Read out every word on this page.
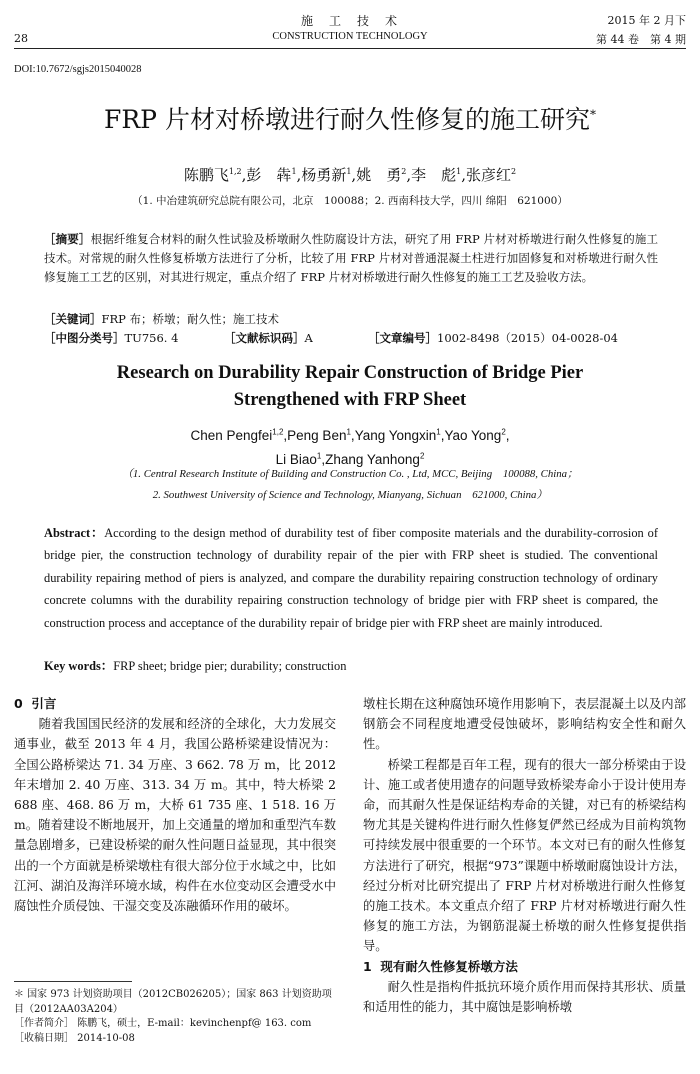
28
施　工　技　术
CONSTRUCTION TECHNOLOGY
2015 年 2 月下
第 44 卷　第 4 期
DOI:10.7672/sgjs2015040028
FRP 片材对桥墩进行耐久性修复的施工研究*
陈鹏飞$^{1,2}$,彭　犇$^1$,杨勇新$^1$,姚　勇$^2$,李　彪$^1$,张彦红$^2$
（1. 中冶建筑研究总院有限公司，北京　100088；2. 西南科技大学，四川 绵阳　621000）
［摘要］根据纤维复合材料的耐久性试验及桥墩耐久性防腐设计方法，研究了用 FRP 片材对桥墩进行耐久性修复的施工技术。对常规的耐久性修复桥墩方法进行了分析，比较了用 FRP 片材对普通混凝土柱进行加固修复和对桥墩进行耐久性修复施工工艺的区别，对其进行规定，重点介绍了 FRP 片材对桥墩进行耐久性修复的施工工艺及验收方法。
［关键词］FRP 布；桥墩；耐久性；施工技术
［中图分类号］TU756. 4	［文献标识码］A	［文章编号］1002-8498（2015）04-0028-04
Research on Durability Repair Construction of Bridge Pier
Strengthened with FRP Sheet
Chen Pengfei$^{1,2}$,Peng Ben$^1$,Yang Yongxin$^1$,Yao Yong$^2$,
Li Biao$^1$,Zhang Yanhong$^2$
（1. Central Research Institute of Building and Construction Co. , Ltd, MCC, Beijing　100088, China；
2. Southwest University of Science and Technology, Mianyang, Sichuan　621000, China）
Abstract：According to the design method of durability test of fiber composite materials and the durability-corrosion of bridge pier, the construction technology of durability repair of the pier with FRP sheet is studied. The conventional durability repairing method of piers is analyzed, and compare the durability repairing construction technology of ordinary concrete columns with the durability repairing construction technology of bridge pier with FRP sheet is compared, the construction process and acceptance of the durability repair of bridge pier with FRP sheet are mainly introduced.
Key words：FRP sheet; bridge pier; durability; construction
0 引言

随着我国国民经济的发展和经济的全球化，大力发展交通事业，截至 2013 年 4 月，我国公路桥梁建设情况为：全国公路桥梁达 71. 34 万座、3 662. 78 万 m，比 2012 年末增加 2. 40 万座、313. 34 万 m。其中，特大桥梁 2 688 座、468. 86 万 m，大桥 61 735 座、1 518. 16 万 m。随着建设不断地展开，加上交通量的增加和重型汽车数量急剧增多，已建设桥梁的耐久性问题日益显现，其中很突出的一个方面就是桥梁墩柱有很大部分位于水域之中，比如江河、湖泊及海洋环境水域，构件在水位变动区会遭受水中腐蚀性介质侵蚀、干湿交变及冻融循环作用的破坏。

＊ 国家 973 计划资助项目（2012CB026205）；国家 863 计划资助项目（2012AA03A204）
［作者简介］ 陈鹏飞，硕士，E-mail：kevinchenpf@ 163. com
［收稿日期］ 2014-10-08

墩柱长期在这种腐蚀环境作用影响下，表层混凝土以及内部钢筋会不同程度地遭受侵蚀破坏，影响结构安全性和耐久性。

桥梁工程都是百年工程，现有的很大一部分桥梁由于设计、施工或者使用遗存的问题导致桥梁寿命小于设计使用寿命，而其耐久性是保证结构寿命的关键，对已有的桥梁结构物尤其是关键构件进行耐久性修复俨然已经成为目前构筑物可持续发展中很重要的一个环节。本文对已有的耐久性修复方法进行了研究，根据“973”课题中桥墩耐腐蚀设计方法，经过分析对比研究提出了 FRP 片材对桥墩进行耐久性修复的施工技术。本文重点介绍了 FRP 片材对桥墩进行耐久性修复的施工方法，为钢筋混凝土桥墩的耐久性修复提供指导。

1 现有耐久性修复桥墩方法

耐久性是指构件抵抗环境介质作用而保持其形状、质量和适用性的能力，其中腐蚀是影响桥墩
